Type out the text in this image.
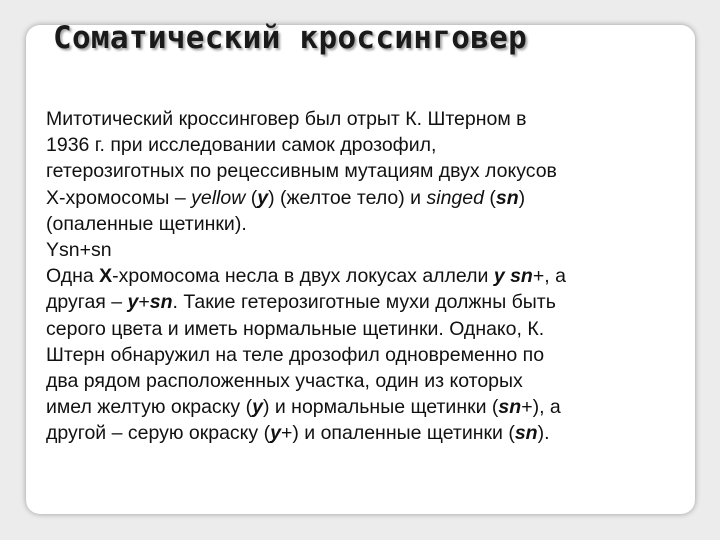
Соматический кроссинговер
Митотический кроссинговер был отрыт К. Штерном в
1936 г. при исследовании самок дрозофил,
гетерозиготных по рецессивным мутациям двух локусов
X-хромосомы – yellow (y) (желтое тело) и singed (sn)
(опаленные щетинки).
Ysn+sn
Одна X-хромосома несла в двух локусах аллели y sn+, а
другая – y+sn. Такие гетерозиготные мухи должны быть
серого цвета и иметь нормальные щетинки. Однако, К.
Штерн обнаружил на теле дрозофил одновременно по
два рядом расположенных участка, один из которых
имел желтую окраску (y) и нормальные щетинки (sn+), а
другой – серую окраску (y+) и опаленные щетинки (sn).
